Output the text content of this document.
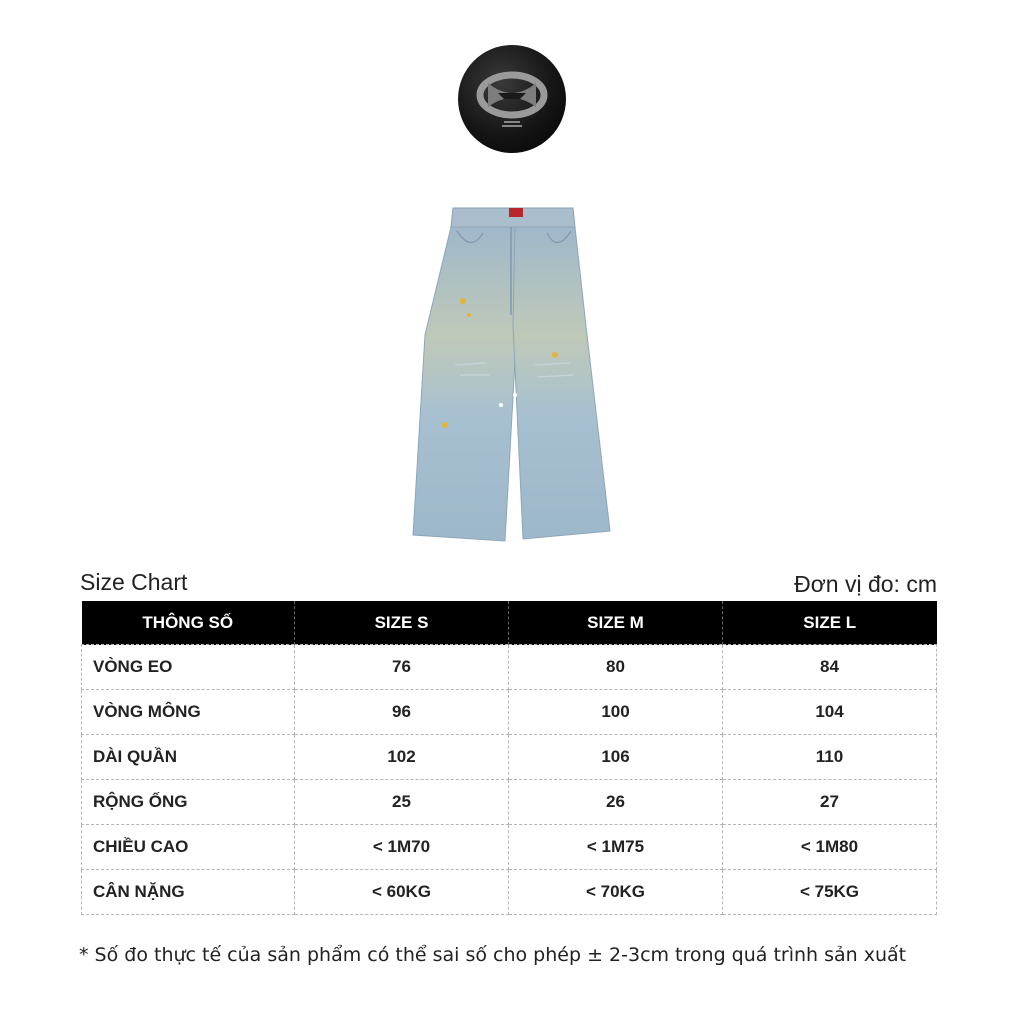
Size Chart	Đơn vị đo: cm
THÔNG SỐ	SIZE S	SIZE M	SIZE L
VÒNG EO	76	80	84
VÒNG MÔNG	96	100	104
DÀI QUẦN	102	106	110
RỘNG ỐNG	25	26	27
CHIỀU CAO	< 1M70	< 1M75	< 1M80
CÂN NẶNG	< 60KG	< 70KG	< 75KG
* Số đo thực tế của sản phẩm có thể sai số cho phép ± 2-3cm trong quá trình sản xuất
